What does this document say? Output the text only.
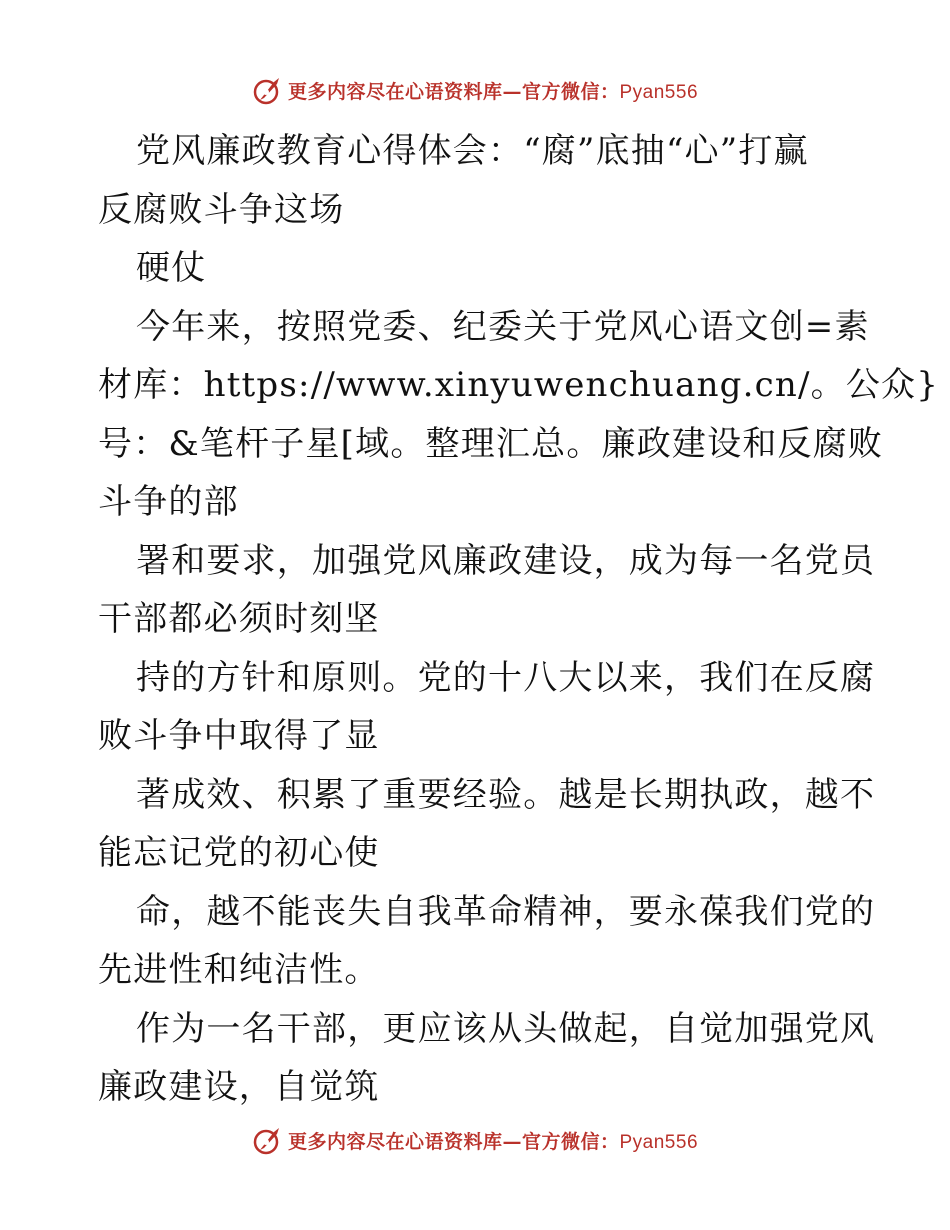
更多内容尽在心语资料库—官方微信：Pyan556
党风廉政教育心得体会：“腐”底抽“心”打赢
反腐败斗争这场
硬仗
今年来，按照党委、纪委关于党风心语文创=素
材库：https://www.xinyuwenchuang.cn/。公众}
号：&笔杆子星[域。整理汇总。廉政建设和反腐败
斗争的部
署和要求，加强党风廉政建设，成为每一名党员
干部都必须时刻坚
持的方针和原则。党的十八大以来，我们在反腐
败斗争中取得了显
著成效、积累了重要经验。越是长期执政，越不
能忘记党的初心使
命，越不能丧失自我革命精神，要永葆我们党的
先进性和纯洁性。
作为一名干部，更应该从头做起，自觉加强党风
廉政建设，自觉筑
更多内容尽在心语资料库—官方微信：Pyan556
